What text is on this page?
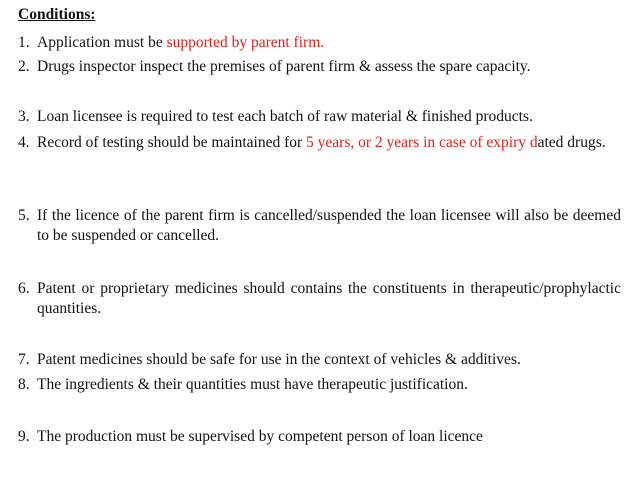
Conditions:
1. Application must be supported by parent firm.
2. Drugs inspector inspect the premises of parent firm & assess the spare capacity.
3. Loan licensee is required to test each batch of raw material & finished products.
4. Record of testing should be maintained for 5 years, or 2 years in case of expiry dated drugs.
5. If the licence of the parent firm is cancelled/suspended the loan licensee will also be deemed to be suspended or cancelled.
6. Patent or proprietary medicines should contains the constituents in therapeutic/prophylactic quantities.
7. Patent medicines should be safe for use in the context of vehicles & additives.
8. The ingredients & their quantities must have therapeutic justification.
9. The production must be supervised by competent person of loan licence
